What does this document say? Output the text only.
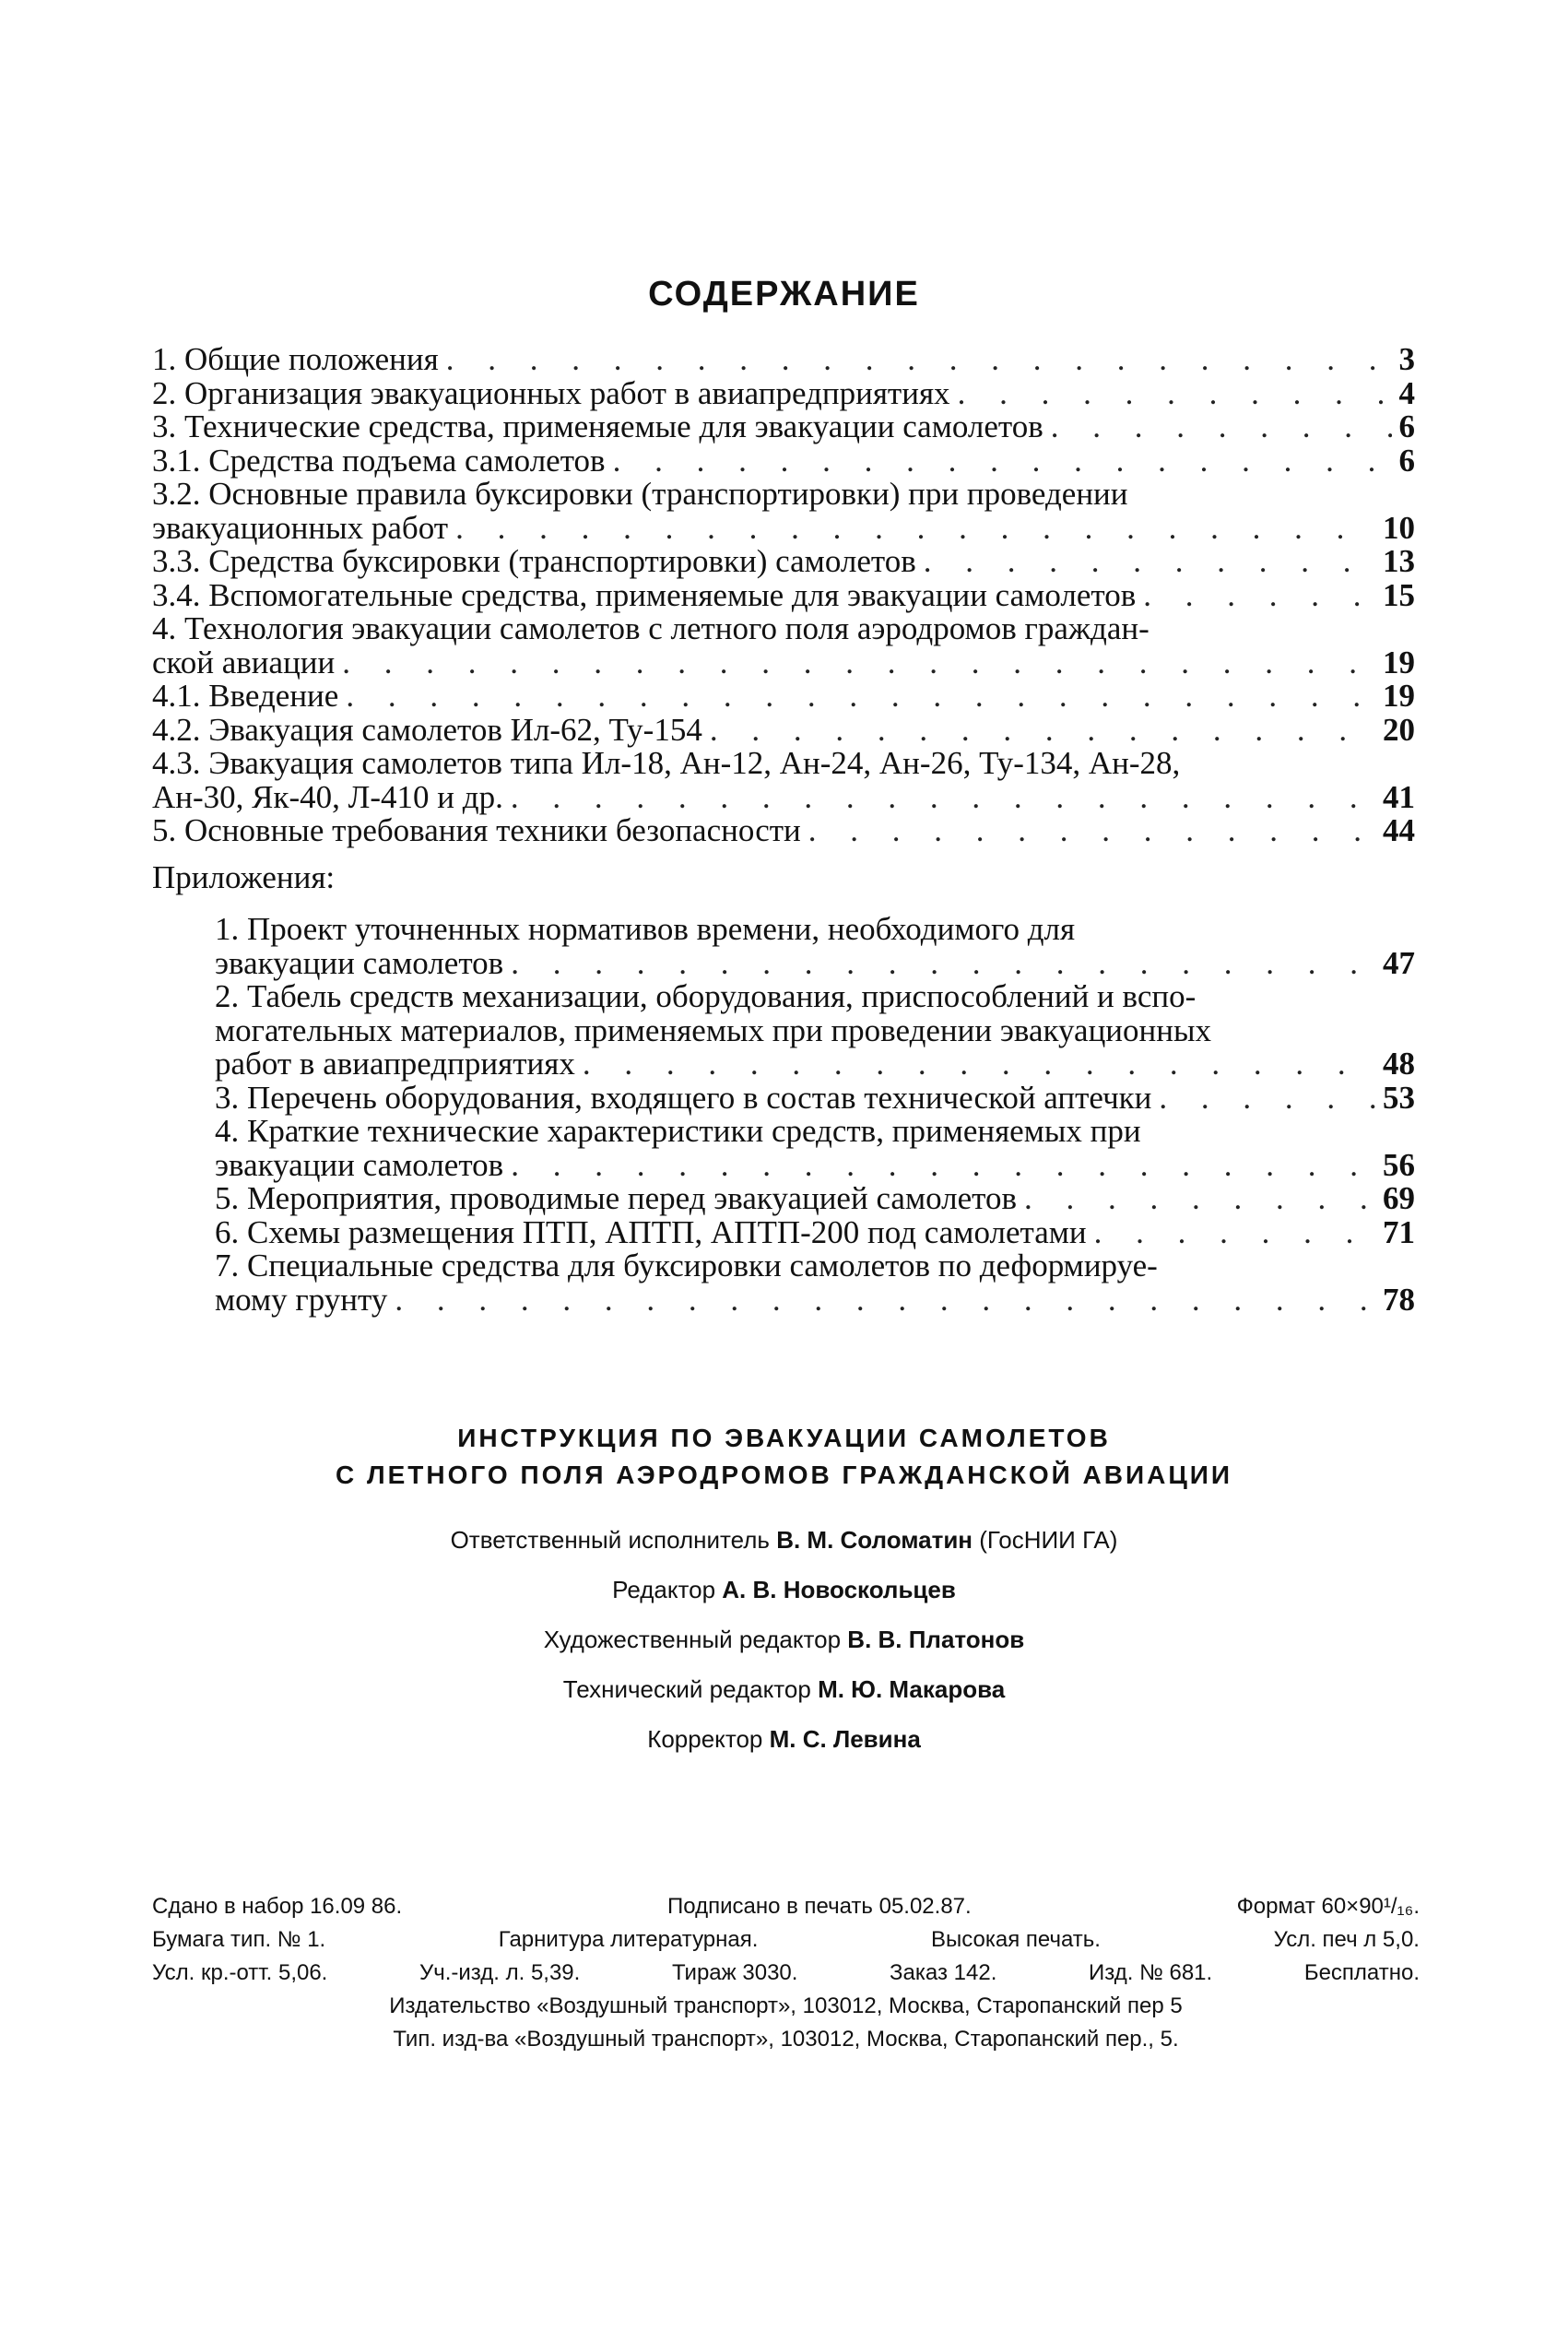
СОДЕРЖАНИЕ
1. Общие положения . . .	3
2. Организация эвакуационных работ в авиапредприятиях . . .	4
3. Технические средства, применяемые для эвакуации самолетов . . .	6
3.1. Средства подъема самолетов . . .	6
3.2. Основные правила буксировки (транспортировки) при проведении
эвакуационных работ . . .	10
3.3. Средства буксировки (транспортировки) самолетов . . .	13
3.4. Вспомогательные средства, применяемые для эвакуации самолетов . . .	15
4. Технология эвакуации самолетов с летного поля аэродромов граждан-
ской авиации . . .	19
4.1. Введение . . .	19
4.2. Эвакуация самолетов Ил-62, Ту-154 . . .	20
4.3. Эвакуация самолетов типа Ил-18, Ан-12, Ан-24, Ан-26, Ту-134, Ан-28,
Ан-30, Як-40, Л-410 и др. . . .	41
5. Основные требования техники безопасности . . .	44
Приложения:
1. Проект уточненных нормативов времени, необходимого для
эвакуации самолетов . . .	47
2. Табель средств механизации, оборудования, приспособлений и вспо-
могательных материалов, применяемых при проведении эвакуационных
работ в авиапредприятиях . . .	48
3. Перечень оборудования, входящего в состав технической аптечки . . .	53
4. Краткие технические характеристики средств, применяемых при
эвакуации самолетов . . .	56
5. Мероприятия, проводимые перед эвакуацией самолетов . . .	69
6. Схемы размещения ПТП, АПТП, АПТП-200 под самолетами . . .	71
7. Специальные средства для буксировки самолетов по деформируе-
мому грунту . . .	78
ИНСТРУКЦИЯ ПО ЭВАКУАЦИИ САМОЛЕТОВ
С ЛЕТНОГО ПОЛЯ АЭРОДРОМОВ ГРАЖДАНСКОЙ АВИАЦИИ
Ответственный исполнитель В. М. Соломатин (ГосНИИ ГА)
Редактор А. В. Новоскольцев
Художественный редактор В. В. Платонов
Технический редактор М. Ю. Макарова
Корректор М. С. Левина
Сдано в набор 16.09 86.	Подписано в печать 05.02.87.	Формат 60×90¹/₁₆.
Бумага тип. № 1.	Гарнитура литературная.	Высокая печать.	Усл. печ л 5,0.
Усл. кр.-отт. 5,06.	Уч.-изд. л. 5,39.	Тираж 3030.	Заказ 142.	Изд. № 681.	Бесплатно.
Издательство «Воздушный транспорт», 103012, Москва, Старопанский пер 5
Тип. изд-ва «Воздушный транспорт», 103012, Москва, Старопанский пер., 5.
